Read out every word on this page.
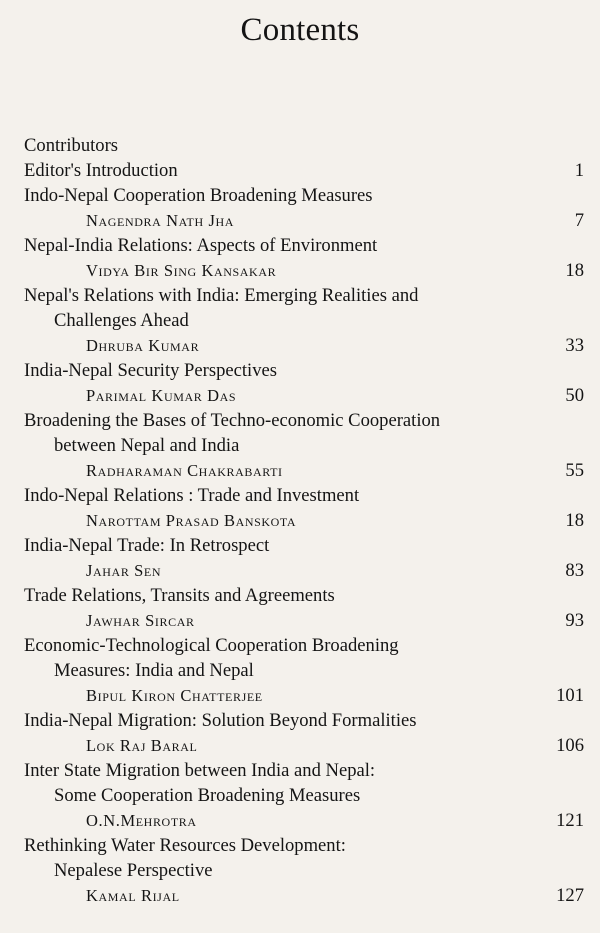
Contents
Contributors
Editor's Introduction	1
Indo-Nepal Cooperation Broadening Measures
Nagendra Nath Jha	7
Nepal-India Relations: Aspects of Environment
Vidya Bir Sing Kansakar	18
Nepal's Relations with India: Emerging Realities and
Challenges Ahead
Dhruba Kumar	33
India-Nepal Security Perspectives
Parimal Kumar Das	50
Broadening the Bases of Techno-economic Cooperation
between Nepal and India
Radharaman Chakrabarti	55
Indo-Nepal Relations : Trade and Investment
Narottam Prasad Banskota	18
India-Nepal Trade: In Retrospect
Jahar Sen	83
Trade Relations, Transits and Agreements
Jawhar Sircar	93
Economic-Technological Cooperation Broadening
Measures: India and Nepal
Bipul Kiron Chatterjee	101
India-Nepal Migration: Solution Beyond Formalities
Lok Raj Baral	106
Inter State Migration between India and Nepal:
Some Cooperation Broadening Measures
O.N.Mehrotra	121
Rethinking Water Resources Development:
Nepalese Perspective
Kamal Rijal	127
